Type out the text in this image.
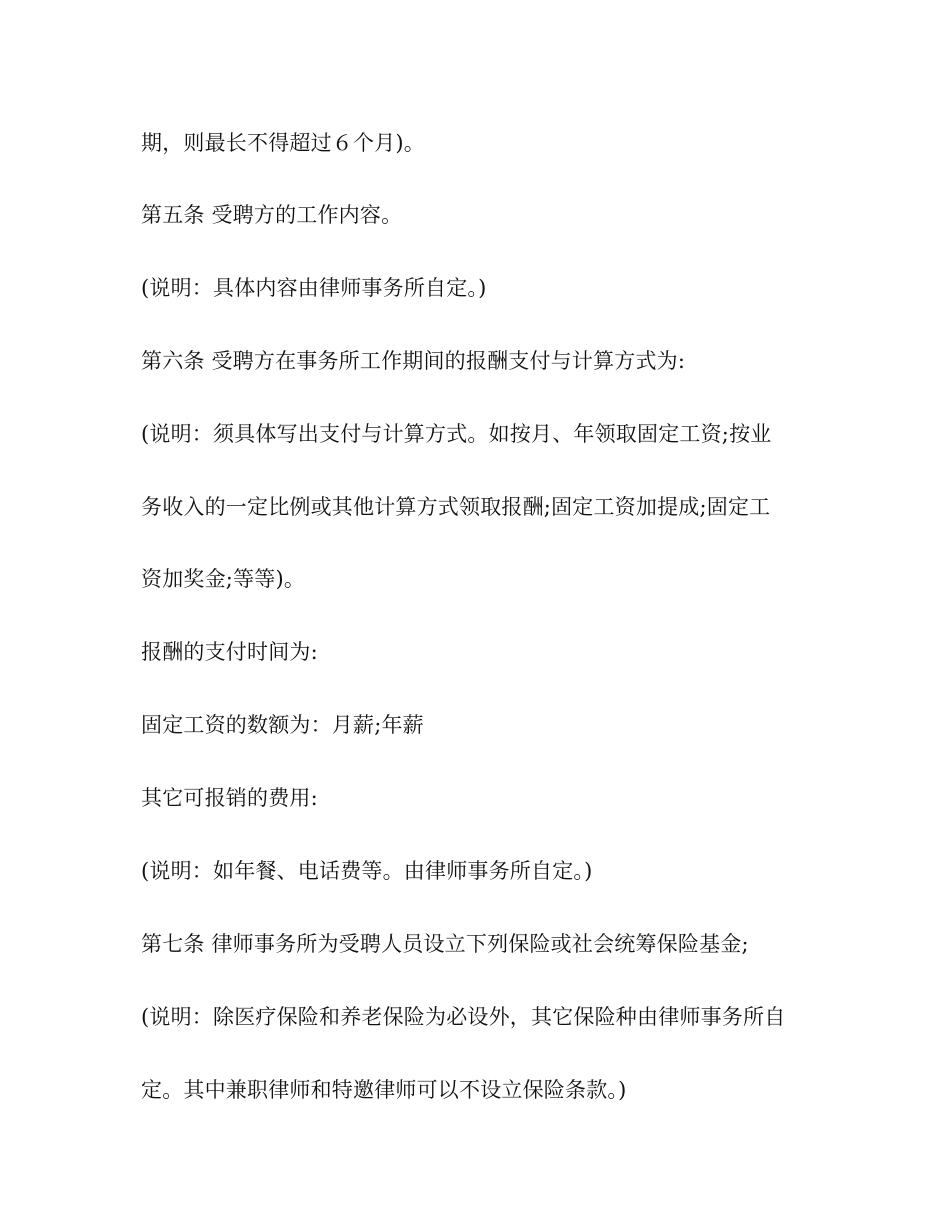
期，则最长不得超过６个月)。

第五条 受聘方的工作内容。

(说明：具体内容由律师事务所自定。)

第六条 受聘方在事务所工作期间的报酬支付与计算方式为:

(说明：须具体写出支付与计算方式。如按月、年领取固定工资;按业

务收入的一定比例或其他计算方式领取报酬;固定工资加提成;固定工

资加奖金;等等)。

报酬的支付时间为:

固定工资的数额为：月薪;年薪

其它可报销的费用:

(说明：如年餐、电话费等。由律师事务所自定。)

第七条 律师事务所为受聘人员设立下列保险或社会统筹保险基金;

(说明：除医疗保险和养老保险为必设外，其它保险种由律师事务所自

定。其中兼职律师和特邀律师可以不设立保险条款。)
